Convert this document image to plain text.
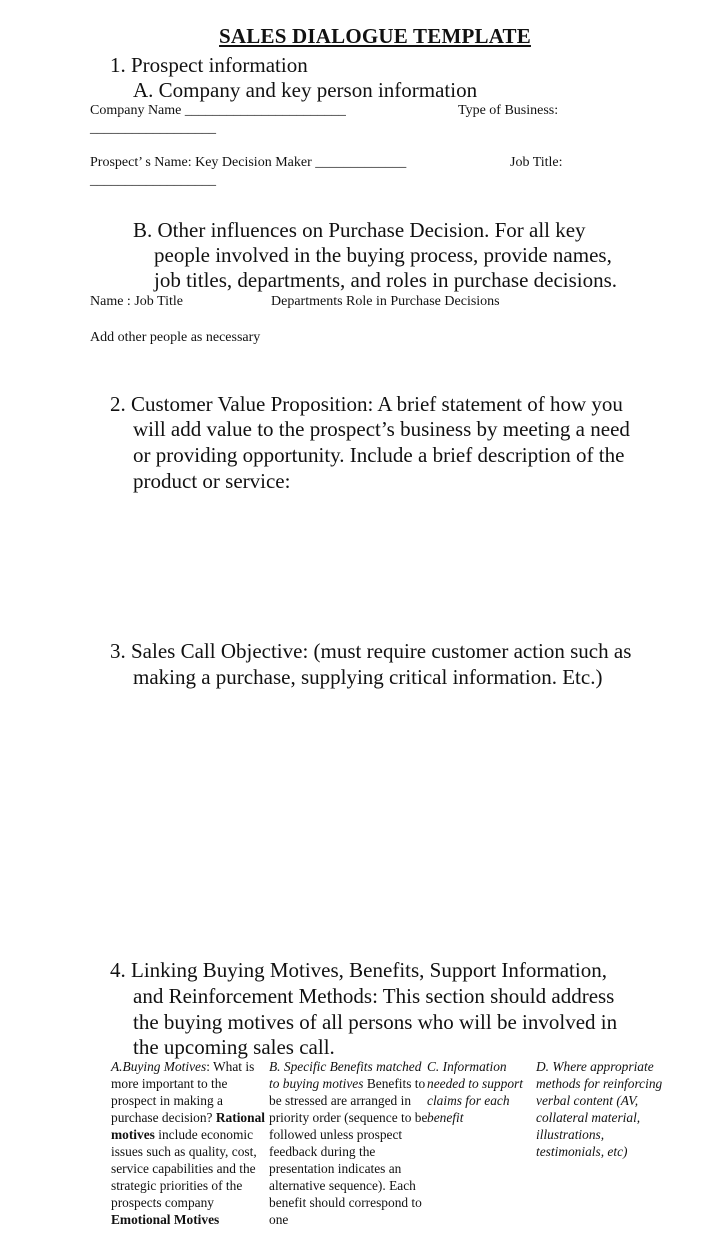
SALES DIALOGUE TEMPLATE
1. Prospect information
A. Company and key person information
Company Name _______________________	Type of Business:
__________________
Prospect’ s Name: Key Decision Maker _____________	Job Title:
__________________
B. Other influences on Purchase Decision. For all key
people involved in the buying process, provide names,
job titles, departments, and roles in purchase decisions.
Name : Job Title	Departments Role in Purchase Decisions
Add other people as necessary
2. Customer Value Proposition: A brief statement of how you
will add value to the prospect’s business by meeting a need
or providing opportunity. Include a brief description of the
product or service:
3. Sales Call Objective: (must require customer action such as
making a purchase, supplying critical information. Etc.)
4. Linking Buying Motives, Benefits, Support Information,
and Reinforcement Methods: This section should address
the buying motives of all persons who will be involved in
the upcoming sales call.
A.Buying Motives: What is more important to the prospect in making a purchase decision? Rational motives include economic issues such as quality, cost, service capabilities and the strategic priorities of the prospects company Emotional Motives
B. Specific Benefits matched to buying motives Benefits to be stressed are arranged in priority order (sequence to be followed unless prospect feedback during the presentation indicates an alternative sequence). Each benefit should correspond to one
C. Information needed to support claims for each benefit
D. Where appropriate methods for reinforcing verbal content (AV, collateral material, illustrations, testimonials, etc)
